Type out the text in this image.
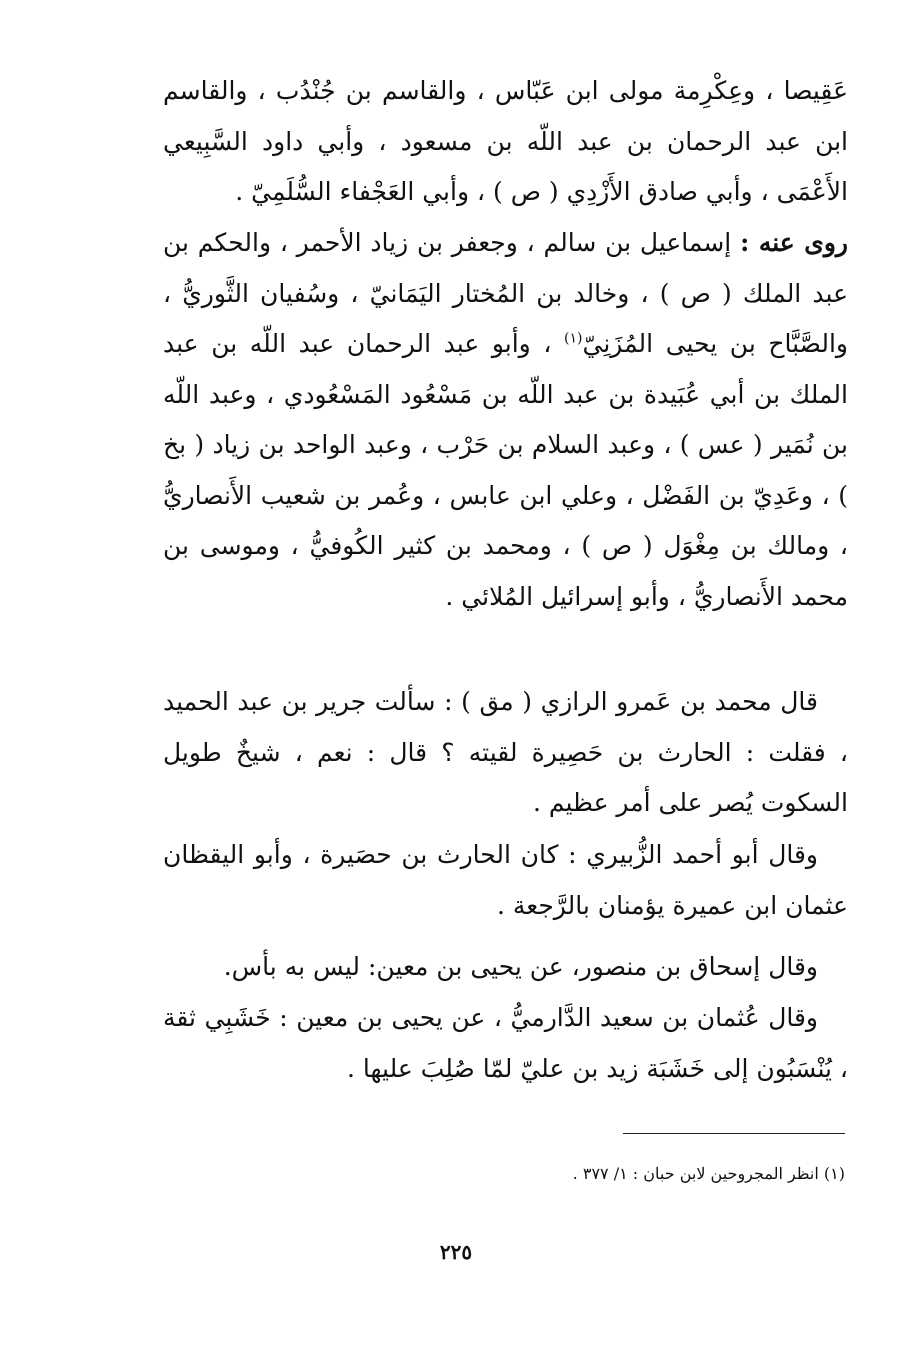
عَقِيصا ، وعِكْرِمة مولى ابن عَبّاس ، والقاسم بن جُنْدُب ، والقاسم ابن عبد الرحمان بن عبد اللّه بن مسعود ، وأبي داود السَّبِيعي الأَعْمَى ، وأبي صادق الأَزْدِي ( ص ) ، وأبي العَجْفاء السُّلَمِيّ .

روى عنه : إسماعيل بن سالم ، وجعفر بن زياد الأحمر ، والحكم بن عبد الملك ( ص ) ، وخالد بن المُختار اليَمَانيّ ، وسُفيان الثَّوريُّ ، والصَّبَّاح بن يحيى المُزَنِيّ$^{(١)}$ ، وأبو عبد الرحمان عبد اللّه بن عبد الملك بن أبي عُبَيدة بن عبد اللّه بن مَسْعُود المَسْعُودي ، وعبد اللّه بن نُمَير ( عس ) ، وعبد السلام بن حَرْب ، وعبد الواحد بن زياد ( بخ ) ، وعَدِيّ بن الفَضْل ، وعلي ابن عابس ، وعُمر بن شعيب الأَنصاريُّ ، ومالك بن مِغْوَل ( ص ) ، ومحمد بن كثير الكُوفيُّ ، وموسى بن محمد الأَنصاريُّ ، وأبو إسرائيل المُلائي .

قال محمد بن عَمرو الرازي ( مق ) : سألت جرير بن عبد الحميد ، فقلت : الحارث بن حَصِيرة لقيته ؟ قال : نعم ، شيخٌ طويل السكوت يُصر على أمر عظيم .

وقال أبو أحمد الزُّبيري : كان الحارث بن حصَيرة ، وأبو اليقظان عثمان ابن عميرة يؤمنان بالرَّجعة .

وقال إسحاق بن منصور، عن يحيى بن معين: ليس به بأس.

وقال عُثمان بن سعيد الدَّارميُّ ، عن يحيى بن معين : خَشَبِي ثقة ، يُنْسَبُون إلى خَشَبَة زيد بن عليّ لمّا صُلِبَ عليها .

(١) انظر المجروحين لابن حبان : ١/ ٣٧٧ .
٢٢٥
